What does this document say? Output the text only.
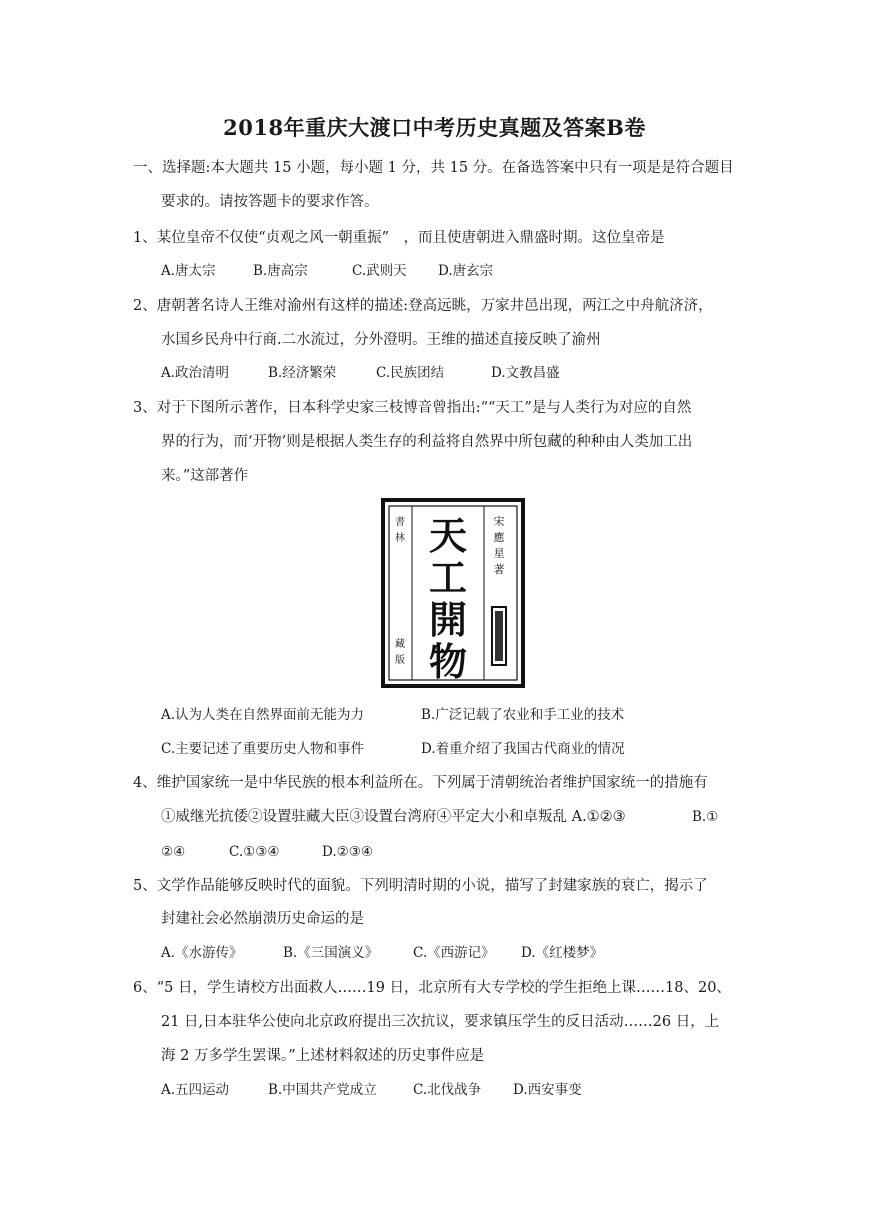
2018年重庆大渡口中考历史真题及答案B卷
一、选择题:本大题共 15 小题，每小题 1 分，共 15 分。在备选答案中只有一项是是符合题目
要求的。请按答题卡的要求作答。
1、某位皇帝不仅使“贞观之风一朝重振”　，而且使唐朝进入鼎盛时期。这位皇帝是
A.唐太宗	B.唐高宗	C.武则天 D.唐玄宗
2、唐朝著名诗人王维对渝州有这样的描述:登高远眺，万家井邑出现，两江之中舟航济济，
水国乡民舟中行商.二水流过，分外澄明。王维的描述直接反映了渝州
A.政治清明	B.经济繁荣	C.民族团结	D.文教昌盛
3、对于下图所示著作，日本科学史家三枝博音曾指出:““天工”是与人类行为对应的自然
界的行为，而‘开物’则是根据人类生存的利益将自然界中所包藏的种种由人类加工出
来。”这部著作
天
工
開
物
宋
應
星
著
書
林
藏
版
A.认为人类在自然界面前无能为力	B.广泛记载了农业和手工业的技术
C.主要记述了重要历史人物和事件	D.着重介绍了我国古代商业的情况
4、维护国家统一是中华民族的根本利益所在。下列属于清朝统治者维护国家统一的措施有
①威继光抗倭②设置驻藏大臣③设置台湾府④平定大小和卓叛乱 A.①②③	B.①
②④	C.①③④	D.②③④
5、文学作品能够反映时代的面貌。下列明清时期的小说，描写了封建家族的衰亡，揭示了
封建社会必然崩溃历史命运的是
A.《水游传》	B.《三国演义》	C.《西游记》 D.《红楼梦》
6、“5 日，学生请校方出面救人……19 日，北京所有大专学校的学生拒绝上课……18、20、
21 日,日本驻华公使向北京政府提出三次抗议，要求镇压学生的反日活动……26 日，上
海 2 万多学生罢课。”上述材料叙述的历史事件应是
A.五四运动	B.中国共产党成立	C.北伐战争 D.西安事变
